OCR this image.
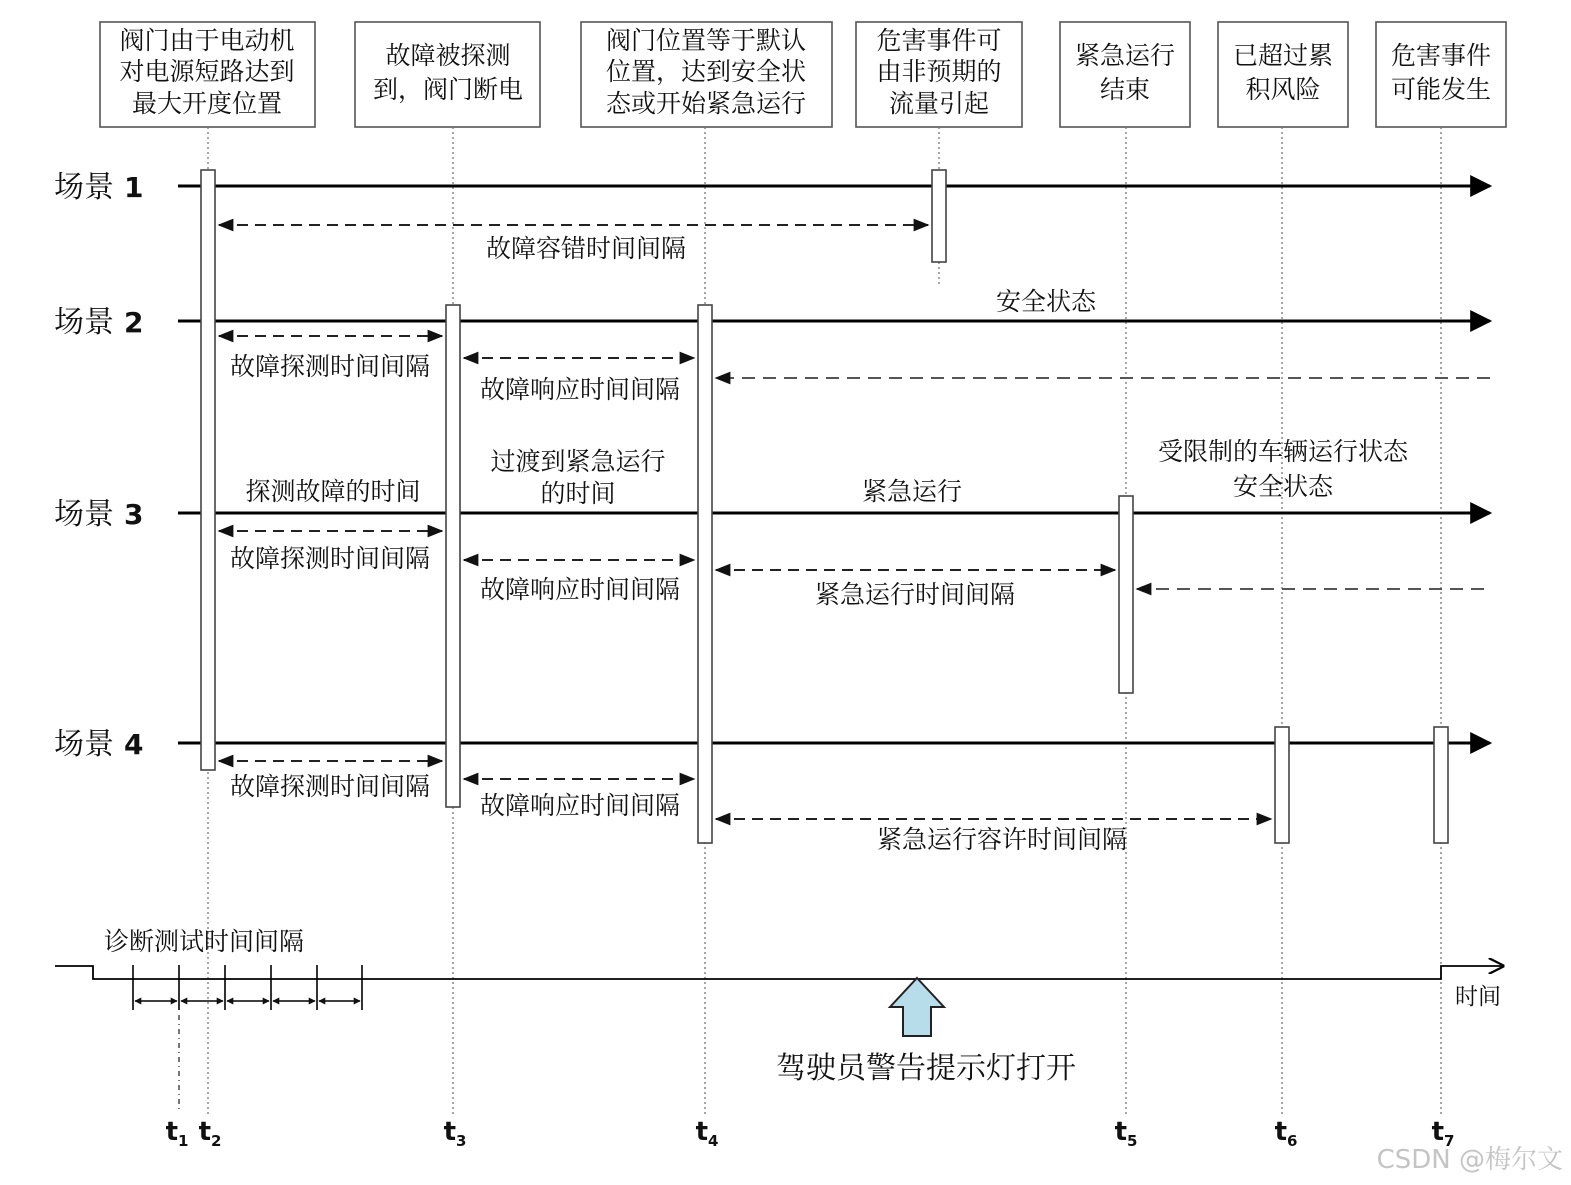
阀门由于电动机
对电源短路达到
最大开度位置
故障被探测
到，阀门断电
阀门位置等于默认
位置，达到安全状
态或开始紧急运行
危害事件可
由非预期的
流量引起
紧急运行
结束
已超过累
积风险
危害事件
可能发生
场景 1
场景 2
场景 3
场景 4
故障容错时间间隔
安全状态
故障探测时间间隔
故障响应时间间隔
过渡到紧急运行
的时间
探测故障的时间	紧急运行
受限制的车辆运行状态
安全状态
故障探测时间间隔
故障响应时间间隔	紧急运行时间间隔
故障探测时间间隔
故障响应时间间隔
紧急运行容许时间间隔
诊断测试时间间隔
时间
驾驶员警告提示灯打开
$t_1$ $t_2$	$t_3$	$t_4$	$t_5$	$t_6$	$t_7$
CSDN @梅尔文
